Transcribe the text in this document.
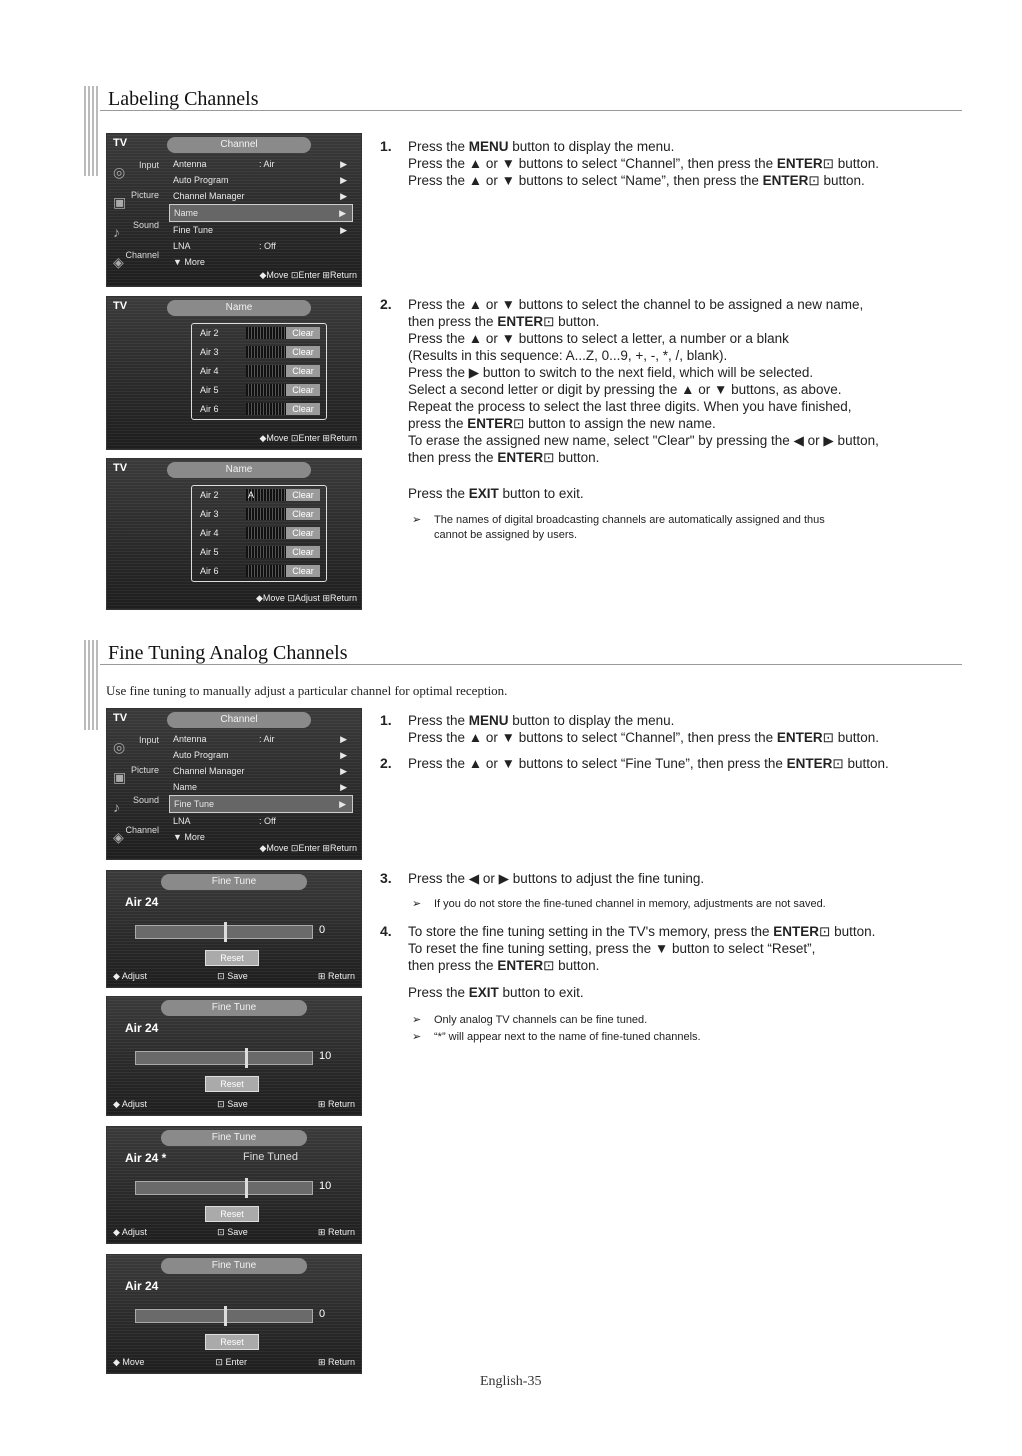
Labeling Channels
TV	Channel
◎ Input
▣ Picture
♪ Sound
◈ Channel
Antenna	: Air	▶
Auto Program	▶
Channel Manager	▶
Name	▶
Fine Tune	▶
LNA	: Off
▼ More
◆Move ⊡Enter ⊞Return
TV	Name
Air 2	Clear
Air 3	Clear
Air 4	Clear
Air 5	Clear
Air 6	Clear
◆Move ⊡Enter ⊞Return
TV	Name
Air 2	A	Clear
Air 3	Clear
Air 4	Clear
Air 5	Clear
Air 6	Clear
◆Move ⊡Adjust ⊞Return
1. Press the MENU button to display the menu.
Press the ▲ or ▼ buttons to select “Channel”, then press the ENTER⊡ button.
Press the ▲ or ▼ buttons to select “Name”, then press the ENTER⊡ button.
2. Press the ▲ or ▼ buttons to select the channel to be assigned a new name,
then press the ENTER⊡ button.
Press the ▲ or ▼ buttons to select a letter, a number or a blank
(Results in this sequence: A...Z, 0...9, +, -, *, /, blank).
Press the ▶ button to switch to the next field, which will be selected.
Select a second letter or digit by pressing the ▲ or ▼ buttons, as above.
Repeat the process to select the last three digits. When you have finished,
press the ENTER⊡ button to assign the new name.
To erase the assigned new name, select "Clear" by pressing the ◀ or ▶ button,
then press the ENTER⊡ button.
Press the EXIT button to exit.
➢ The names of digital broadcasting channels are automatically assigned and thus
cannot be assigned by users.
Fine Tuning Analog Channels
Use fine tuning to manually adjust a particular channel for optimal reception.
TV	Channel
◎ Input
▣ Picture
♪ Sound
◈ Channel
Antenna	: Air	▶
Auto Program	▶
Channel Manager	▶
Name	▶
Fine Tune	▶
LNA	: Off
▼ More
◆Move ⊡Enter ⊞Return
Fine Tune
Air 24
0
Reset
◆ Adjust	⊡ Save	⊞ Return
Fine Tune
Air 24
10
Reset
◆ Adjust	⊡ Save	⊞ Return
Fine Tune
Air 24 *	Fine Tuned
10
Reset
◆ Adjust	⊡ Save	⊞ Return
Fine Tune
Air 24
0
Reset
◆ Move	⊡ Enter	⊞ Return
1. Press the MENU button to display the menu.
Press the ▲ or ▼ buttons to select “Channel”, then press the ENTER⊡ button.
2. Press the ▲ or ▼ buttons to select “Fine Tune”, then press the ENTER⊡ button.
3. Press the ◀ or ▶ buttons to adjust the fine tuning.
➢ If you do not store the fine-tuned channel in memory, adjustments are not saved.
4. To store the fine tuning setting in the TV's memory, press the ENTER⊡ button.
To reset the fine tuning setting, press the ▼ button to select “Reset”,
then press the ENTER⊡ button.
Press the EXIT button to exit.
➢ Only analog TV channels can be fine tuned.
➢ “*” will appear next to the name of fine-tuned channels.
English-35
